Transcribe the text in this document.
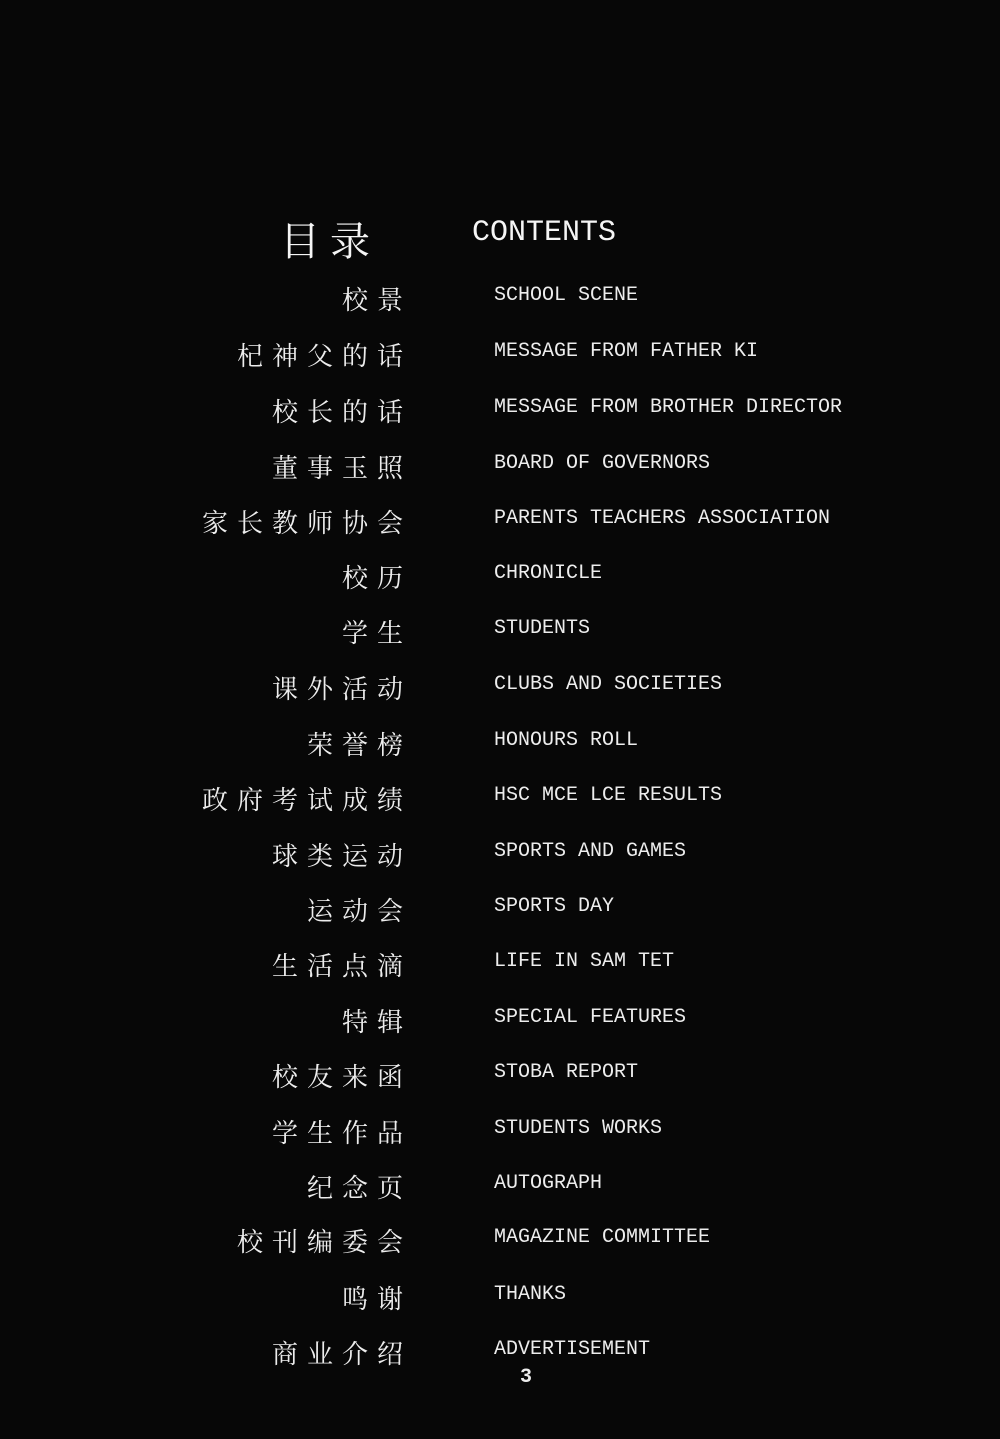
目录	CONTENTS
校景	SCHOOL SCENE
杞神父的话	MESSAGE FROM FATHER KI
校长的话	MESSAGE FROM BROTHER DIRECTOR
董事玉照	BOARD OF GOVERNORS
家长教师协会	PARENTS TEACHERS ASSOCIATION
校历	CHRONICLE
学生	STUDENTS
课外活动	CLUBS AND SOCIETIES
荣誉榜	HONOURS ROLL
政府考试成绩	HSC MCE LCE RESULTS
球类运动	SPORTS AND GAMES
运动会	SPORTS DAY
生活点滴	LIFE IN SAM TET
特辑	SPECIAL FEATURES
校友来函	STOBA REPORT
学生作品	STUDENTS WORKS
纪念页	AUTOGRAPH
校刊编委会	MAGAZINE COMMITTEE
鸣谢	THANKS
商业介绍	ADVERTISEMENT
3
